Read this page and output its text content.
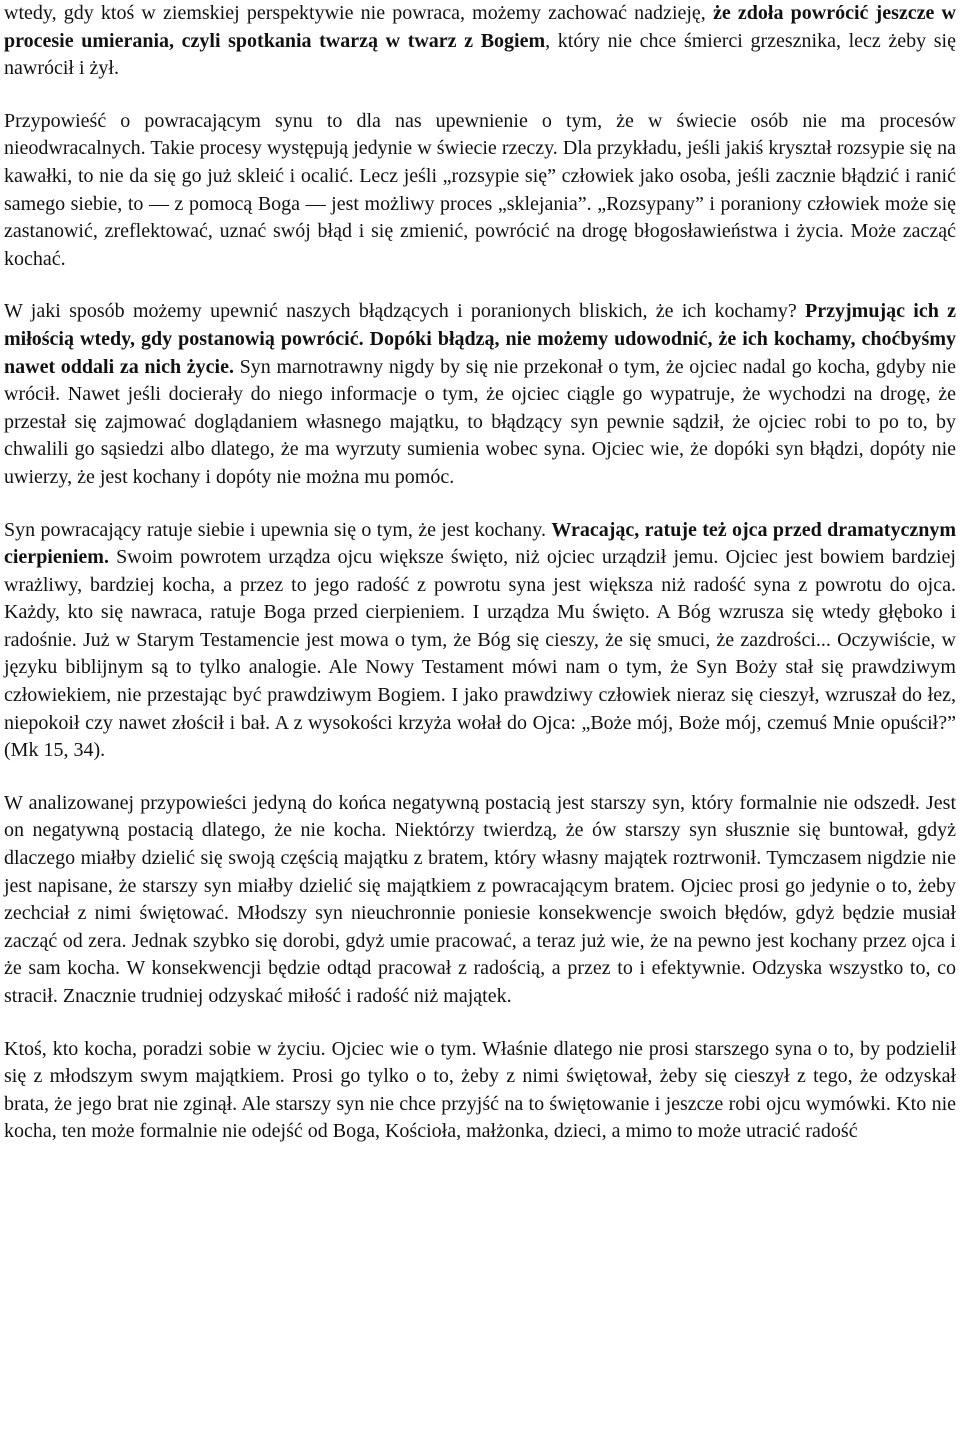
wtedy, gdy ktoś w ziemskiej perspektywie nie powraca, możemy zachować nadzieję, że zdoła powrócić jeszcze w procesie umierania, czyli spotkania twarzą w twarz z Bogiem, który nie chce śmierci grzesznika, lecz żeby się nawrócił i żył.

Przypowieść o powracającym synu to dla nas upewnienie o tym, że w świecie osób nie ma procesów nieodwracalnych. Takie procesy występują jedynie w świecie rzeczy. Dla przykładu, jeśli jakiś kryształ rozsypie się na kawałki, to nie da się go już skleić i ocalić. Lecz jeśli „rozsypie się” człowiek jako osoba, jeśli zacznie błądzić i ranić samego siebie, to — z pomocą Boga — jest możliwy proces „sklejania”. „Rozsypany” i poraniony człowiek może się zastanowić, zreflektować, uznać swój błąd i się zmienić, powrócić na drogę błogosławieństwa i życia. Może zacząć kochać.

W jaki sposób możemy upewnić naszych błądzących i poranionych bliskich, że ich kochamy? Przyjmując ich z miłością wtedy, gdy postanowią powrócić. Dopóki błądzą, nie możemy udowodnić, że ich kochamy, choćbyśmy nawet oddali za nich życie. Syn marnotrawny nigdy by się nie przekonał o tym, że ojciec nadal go kocha, gdyby nie wrócił. Nawet jeśli docierały do niego informacje o tym, że ojciec ciągle go wypatruje, że wychodzi na drogę, że przestał się zajmować doglądaniem własnego majątku, to błądzący syn pewnie sądził, że ojciec robi to po to, by chwalili go sąsiedzi albo dlatego, że ma wyrzuty sumienia wobec syna. Ojciec wie, że dopóki syn błądzi, dopóty nie uwierzy, że jest kochany i dopóty nie można mu pomóc.

Syn powracający ratuje siebie i upewnia się o tym, że jest kochany. Wracając, ratuje też ojca przed dramatycznym cierpieniem. Swoim powrotem urządza ojcu większe święto, niż ojciec urządził jemu. Ojciec jest bowiem bardziej wrażliwy, bardziej kocha, a przez to jego radość z powrotu syna jest większa niż radość syna z powrotu do ojca. Każdy, kto się nawraca, ratuje Boga przed cierpieniem. I urządza Mu święto. A Bóg wzrusza się wtedy głęboko i radośnie. Już w Starym Testamencie jest mowa o tym, że Bóg się cieszy, że się smuci, że zazdrości... Oczywiście, w języku biblijnym są to tylko analogie. Ale Nowy Testament mówi nam o tym, że Syn Boży stał się prawdziwym człowiekiem, nie przestając być prawdziwym Bogiem. I jako prawdziwy człowiek nieraz się cieszył, wzruszał do łez, niepokoił czy nawet złościł i bał. A z wysokości krzyża wołał do Ojca: „Boże mój, Boże mój, czemuś Mnie opuścił?” (Mk 15, 34).

W analizowanej przypowieści jedyną do końca negatywną postacią jest starszy syn, który formalnie nie odszedł. Jest on negatywną postacią dlatego, że nie kocha. Niektórzy twierdzą, że ów starszy syn słusznie się buntował, gdyż dlaczego miałby dzielić się swoją częścią majątku z bratem, który własny majątek roztrwonił. Tymczasem nigdzie nie jest napisane, że starszy syn miałby dzielić się majątkiem z powracającym bratem. Ojciec prosi go jedynie o to, żeby zechciał z nimi świętować. Młodszy syn nieuchronnie poniesie konsekwencje swoich błędów, gdyż będzie musiał zacząć od zera. Jednak szybko się dorobi, gdyż umie pracować, a teraz już wie, że na pewno jest kochany przez ojca i że sam kocha. W konsekwencji będzie odtąd pracował z radością, a przez to i efektywnie. Odzyska wszystko to, co stracił. Znacznie trudniej odzyskać miłość i radość niż majątek.

Ktoś, kto kocha, poradzi sobie w życiu. Ojciec wie o tym. Właśnie dlatego nie prosi starszego syna o to, by podzielił się z młodszym swym majątkiem. Prosi go tylko o to, żeby z nimi świętował, żeby się cieszył z tego, że odzyskał brata, że jego brat nie zginął. Ale starszy syn nie chce przyjść na to świętowanie i jeszcze robi ojcu wymówki. Kto nie kocha, ten może formalnie nie odejść od Boga, Kościoła, małżonka, dzieci, a mimo to może utracić radość
